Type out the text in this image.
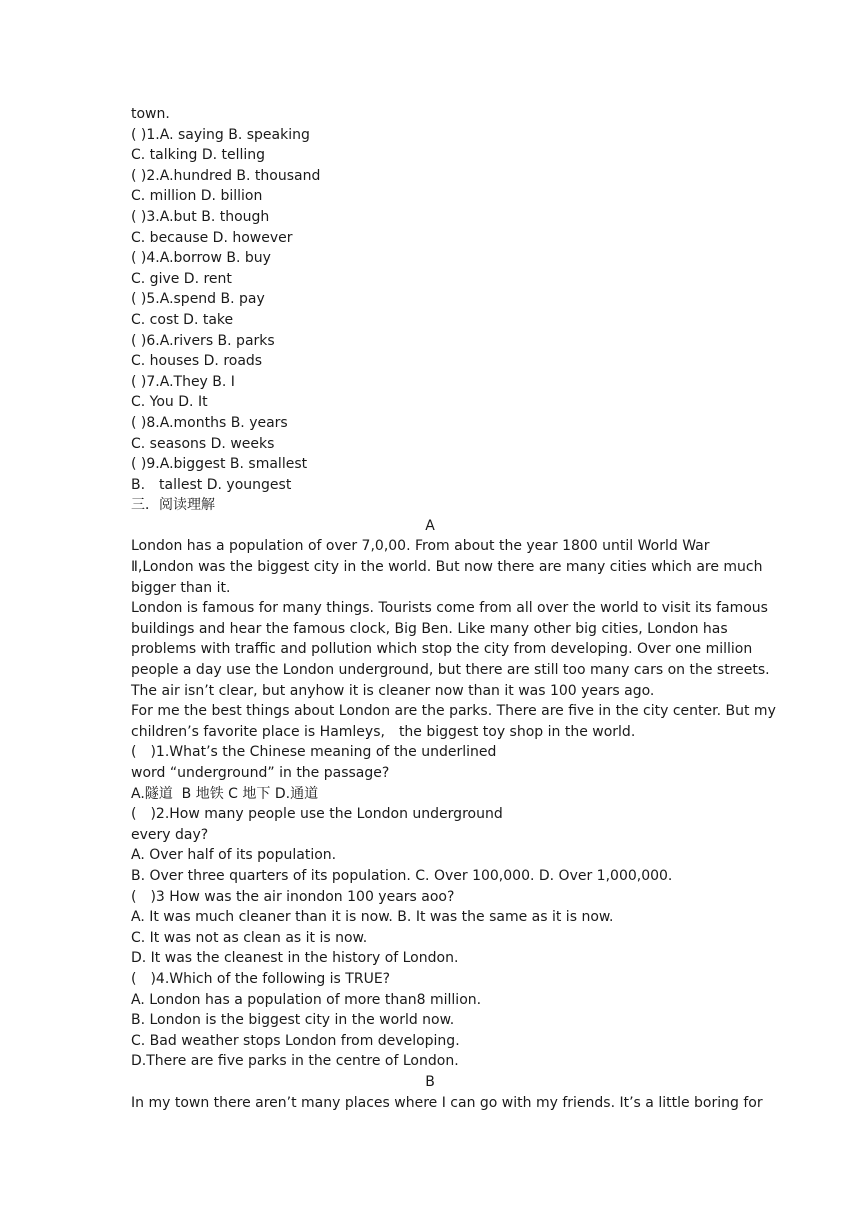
town.

( )1.A. saying B. speaking

C. talking D. telling

( )2.A.hundred B. thousand

C. million D. billion

( )3.A.but B. though

C. because D. however

( )4.A.borrow B. buy

C. give D. rent

( )5.A.spend B. pay

C. cost D. take

( )6.A.rivers B. parks

C. houses D. roads

( )7.A.They B. I

C. You D. It

( )8.A.months B. years

C. seasons D. weeks

( )9.A.biggest B. smallest

B.　tallest D. youngest

三．阅读理解

A

London has a population of over 7,0,00. From about the year 1800 until World War

Ⅱ,London was the biggest city in the world. But now there are many cities which are much

bigger than it.

London is famous for many things. Tourists come from all over the world to visit its famous

buildings and hear the famous clock, Big Ben. Like many other big cities, London has

problems with traffic and pollution which stop the city from developing. Over one million

people a day use the London underground, but there are still too many cars on the streets.

The air isn’t clear, but anyhow it is cleaner now than it was 100 years ago.

For me the best things about London are the parks. There are five in the city center. But my

children’s favorite place is Hamleys,　the biggest toy shop in the world.

(　)1.What’s the Chinese meaning of the underlined

word “underground” in the passage?

A.隧道  B 地铁 C 地下 D.通道

(　)2.How many people use the London underground

every day?

A. Over half of its population.

B. Over three quarters of its population. C. Over 100,000. D. Over 1,000,000.

(　)3 How was the air inondon 100 years aoo?

A. It was much cleaner than it is now. B. It was the same as it is now.

C. It was not as clean as it is now.

D. It was the cleanest in the history of London.

(　)4.Which of the following is TRUE?

A. London has a population of more than8 million.

B. London is the biggest city in the world now.

C. Bad weather stops London from developing.

D.There are five parks in the centre of London.

B

In my town there aren’t many places where I can go with my friends. It’s a little boring for
